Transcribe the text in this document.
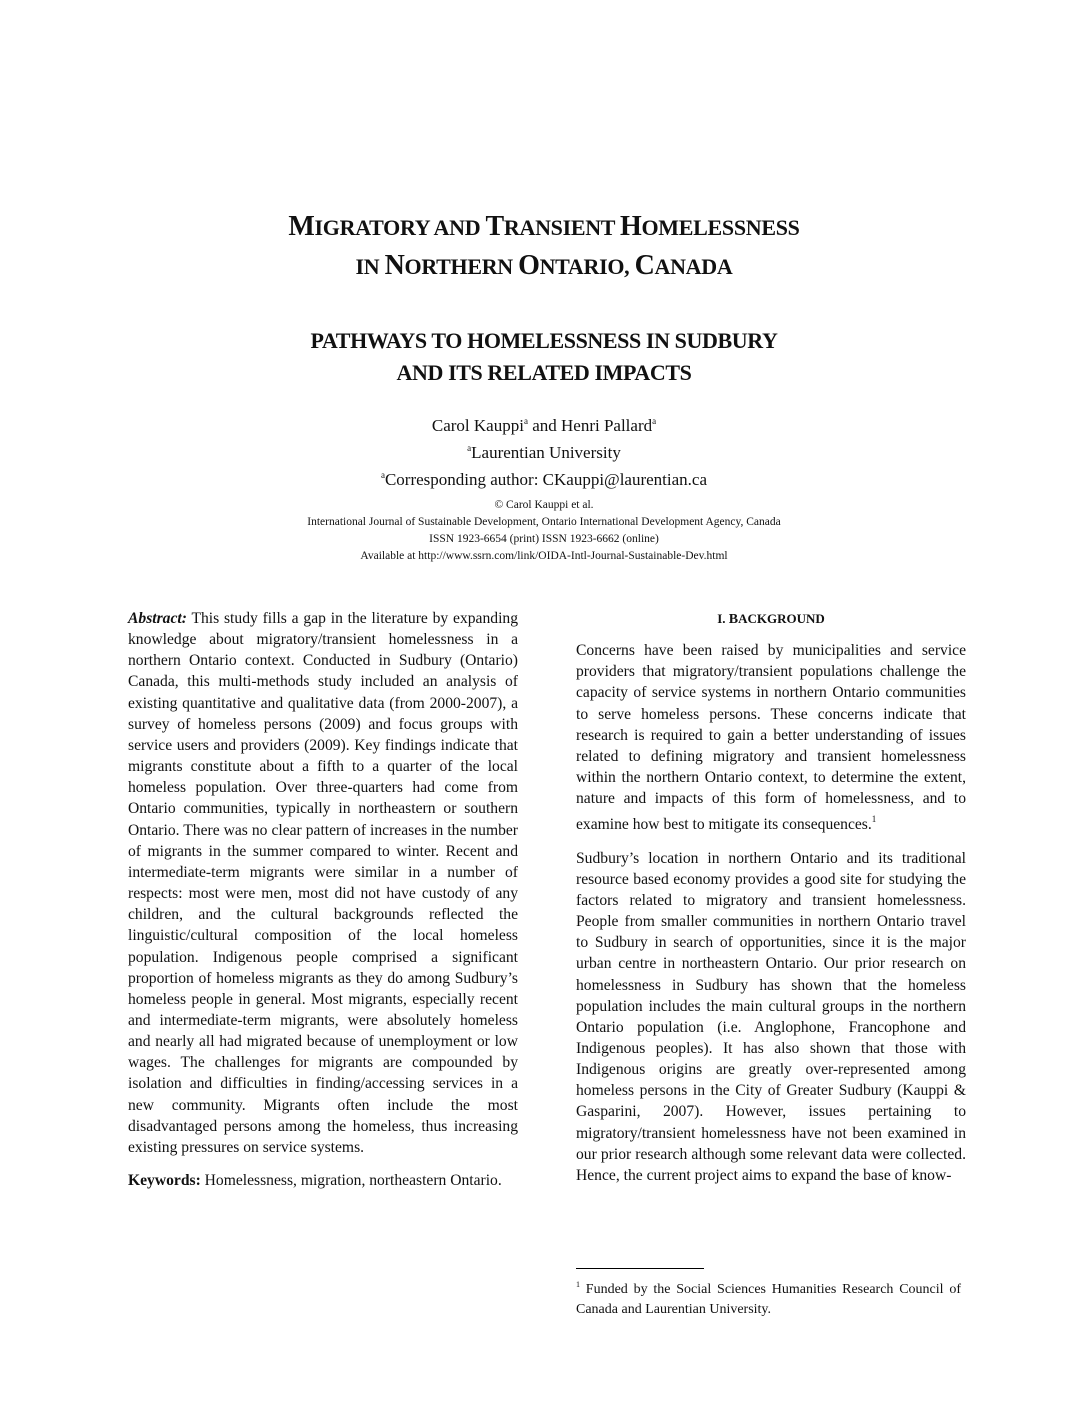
MIGRATORY AND TRANSIENT HOMELESSNESS

IN NORTHERN ONTARIO, CANADA

PATHWAYS TO HOMELESSNESS IN SUDBURY
AND ITS RELATED IMPACTS
Carol Kauppi$^a$ and Henri Pallard$^a$
$^a$Laurentian University
$^a$Corresponding author: CKauppi@laurentian.ca
© Carol Kauppi et al.
International Journal of Sustainable Development, Ontario International Development Agency, Canada
ISSN 1923-6654 (print) ISSN 1923-6662 (online)
Available at http://www.ssrn.com/link/OIDA-Intl-Journal-Sustainable-Dev.html

Abstract: This study fills a gap in the literature by expanding knowledge about migratory/transient homelessness in a northern Ontario context. Conducted in Sudbury (Ontario) Canada, this multi-methods study included an analysis of existing quantitative and qualitative data (from 2000-2007), a survey of homeless persons (2009) and focus groups with service users and providers (2009). Key findings indicate that migrants constitute about a fifth to a quarter of the local homeless population. Over three-quarters had come from Ontario communities, typically in northeastern or southern Ontario. There was no clear pattern of increases in the number of migrants in the summer compared to winter. Recent and intermediate-term migrants were similar in a number of respects: most were men, most did not have custody of any children, and the cultural backgrounds reflected the linguistic/cultural composition of the local homeless population. Indigenous people comprised a significant proportion of homeless migrants as they do among Sudbury’s homeless people in general. Most migrants, especially recent and intermediate-term migrants, were absolutely homeless and nearly all had migrated because of unemployment or low wages. The challenges for migrants are compounded by isolation and difficulties in finding/accessing services in a new community. Migrants often include the most disadvantaged persons among the homeless, thus increasing existing pressures on service systems.

Keywords: Homelessness, migration, northeastern Ontario.

I. BACKGROUND

Concerns have been raised by municipalities and service providers that migratory/transient populations challenge the capacity of service systems in northern Ontario communities to serve homeless persons. These concerns indicate that research is required to gain a better understanding of issues related to defining migratory and transient homelessness within the northern Ontario context, to determine the extent, nature and impacts of this form of homelessness, and to examine how best to mitigate its consequences.$^1$

Sudbury’s location in northern Ontario and its traditional resource based economy provides a good site for studying the factors related to migratory and transient homelessness. People from smaller communities in northern Ontario travel to Sudbury in search of opportunities, since it is the major urban centre in northeastern Ontario. Our prior research on homelessness in Sudbury has shown that the homeless population includes the main cultural groups in the northern Ontario population (i.e. Anglophone, Francophone and Indigenous peoples). It has also shown that those with Indigenous origins are greatly over-represented among homeless persons in the City of Greater Sudbury (Kauppi & Gasparini, 2007). However, issues pertaining to migratory/transient homelessness have not been examined in our prior research although some relevant data were collected. Hence, the current project aims to expand the base of know-

$^1$ Funded by the Social Sciences Humanities Research Council of Canada and Laurentian University.
